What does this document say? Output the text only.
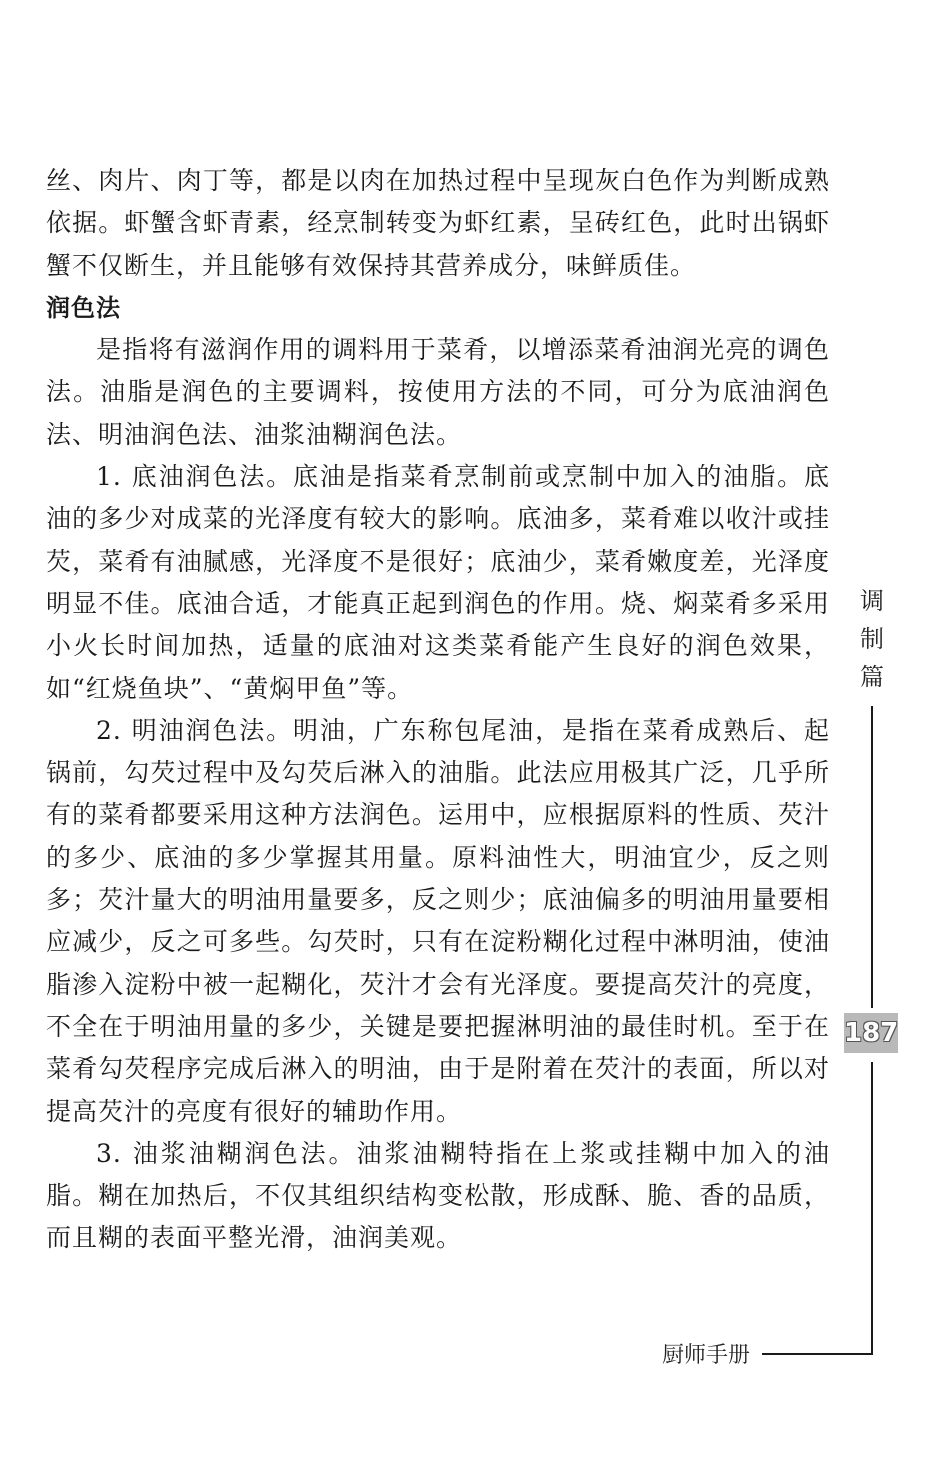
丝、肉片、肉丁等，都是以肉在加热过程中呈现灰白色作为判断成熟依据。虾蟹含虾青素，经烹制转变为虾红素，呈砖红色，此时出锅虾蟹不仅断生，并且能够有效保持其营养成分，味鲜质佳。

润色法

是指将有滋润作用的调料用于菜肴，以增添菜肴油润光亮的调色法。油脂是润色的主要调料，按使用方法的不同，可分为底油润色法、明油润色法、油浆油糊润色法。

1. 底油润色法。底油是指菜肴烹制前或烹制中加入的油脂。底油的多少对成菜的光泽度有较大的影响。底油多，菜肴难以收汁或挂芡，菜肴有油腻感，光泽度不是很好；底油少，菜肴嫩度差，光泽度明显不佳。底油合适，才能真正起到润色的作用。烧、焖菜肴多采用小火长时间加热，适量的底油对这类菜肴能产生良好的润色效果，如“红烧鱼块”、“黄焖甲鱼”等。

2. 明油润色法。明油，广东称包尾油，是指在菜肴成熟后、起锅前，勾芡过程中及勾芡后淋入的油脂。此法应用极其广泛，几乎所有的菜肴都要采用这种方法润色。运用中，应根据原料的性质、芡汁的多少、底油的多少掌握其用量。原料油性大，明油宜少，反之则多；芡汁量大的明油用量要多，反之则少；底油偏多的明油用量要相应减少，反之可多些。勾芡时，只有在淀粉糊化过程中淋明油，使油脂渗入淀粉中被一起糊化，芡汁才会有光泽度。要提高芡汁的亮度，不全在于明油用量的多少，关键是要把握淋明油的最佳时机。至于在菜肴勾芡程序完成后淋入的明油，由于是附着在芡汁的表面，所以对提高芡汁的亮度有很好的辅助作用。

3. 油浆油糊润色法。油浆油糊特指在上浆或挂糊中加入的油脂。糊在加热后，不仅其组织结构变松散，形成酥、脆、香的品质，而且糊的表面平整光滑，油润美观。

调
制
篇
187
厨师手册
